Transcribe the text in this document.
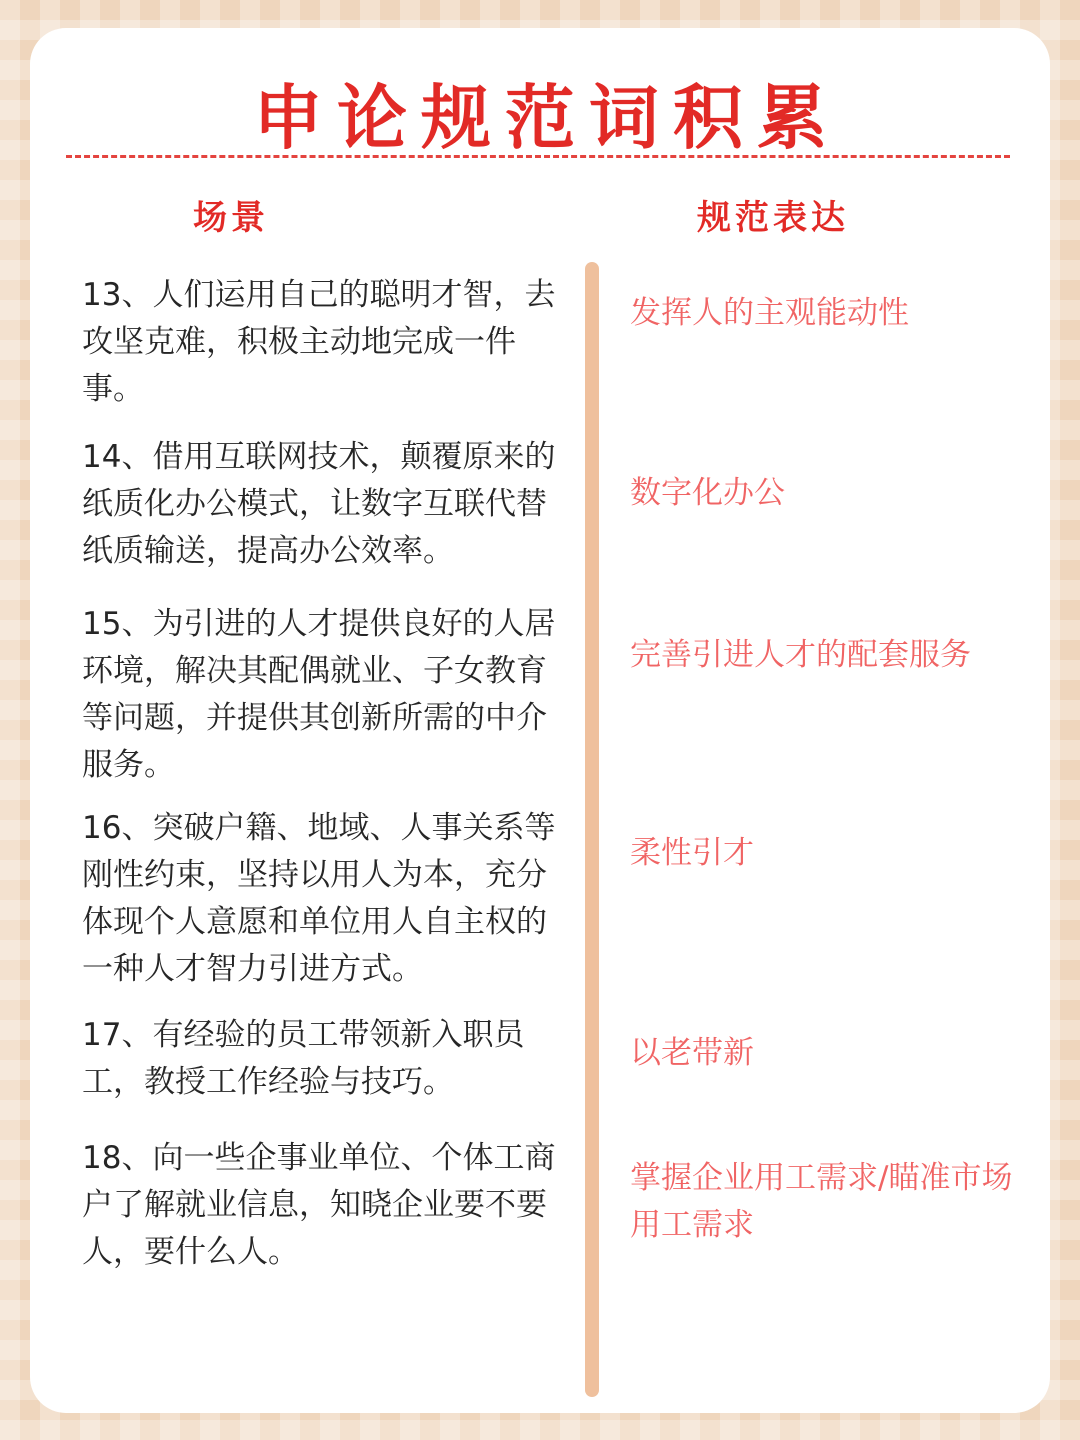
申论规范词积累
场景	规范表达
13、人们运用自己的聪明才智，去攻坚克难，积极主动地完成一件事。
发挥人的主观能动性
14、借用互联网技术，颠覆原来的纸质化办公模式，让数字互联代替纸质输送，提高办公效率。
数字化办公
15、为引进的人才提供良好的人居环境，解决其配偶就业、子女教育等问题，并提供其创新所需的中介服务。
完善引进人才的配套服务
16、突破户籍、地域、人事关系等刚性约束，坚持以用人为本，充分体现个人意愿和单位用人自主权的一种人才智力引进方式。
柔性引才
17、有经验的员工带领新入职员工，教授工作经验与技巧。
以老带新
18、向一些企事业单位、个体工商户了解就业信息，知晓企业要不要人，要什么人。
掌握企业用工需求/瞄准市场用工需求
